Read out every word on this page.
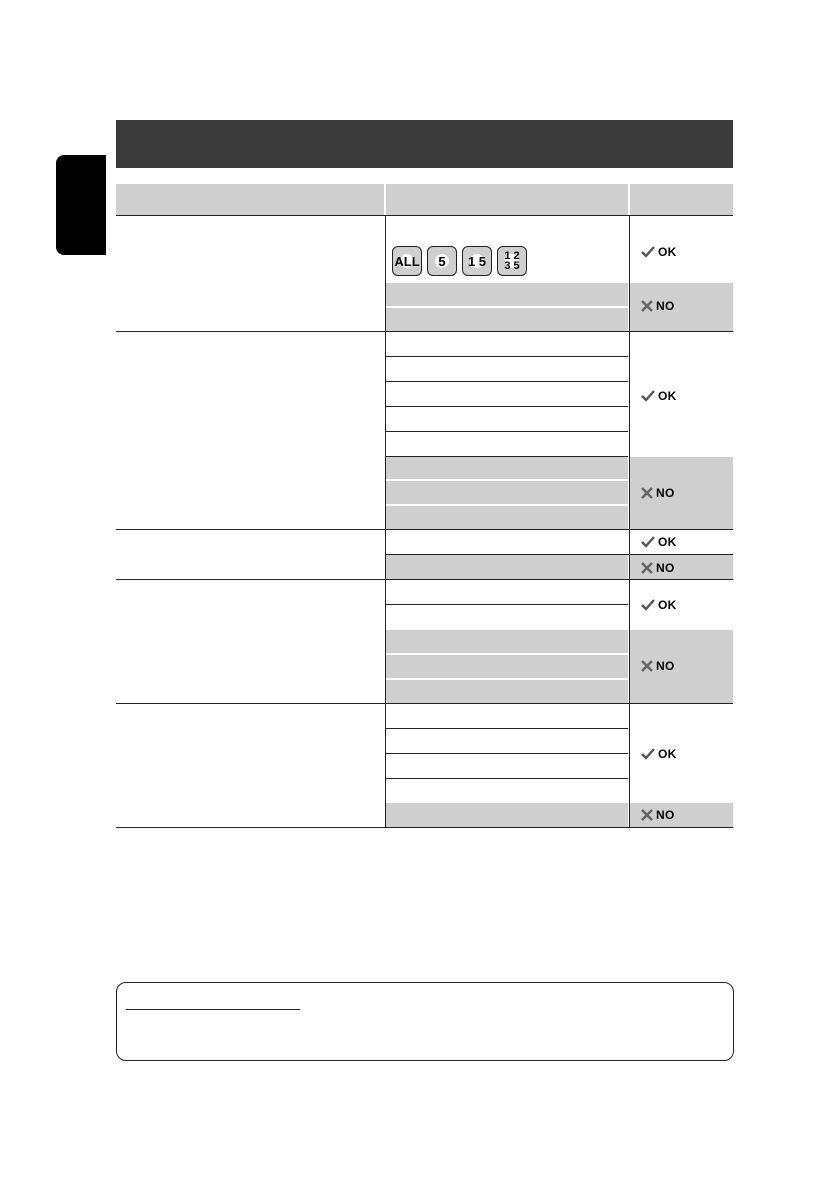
ALL 5 1 5 1 2
3 5
OK
NO
OK
NO
OK
NO
OK
NO
OK
NO
